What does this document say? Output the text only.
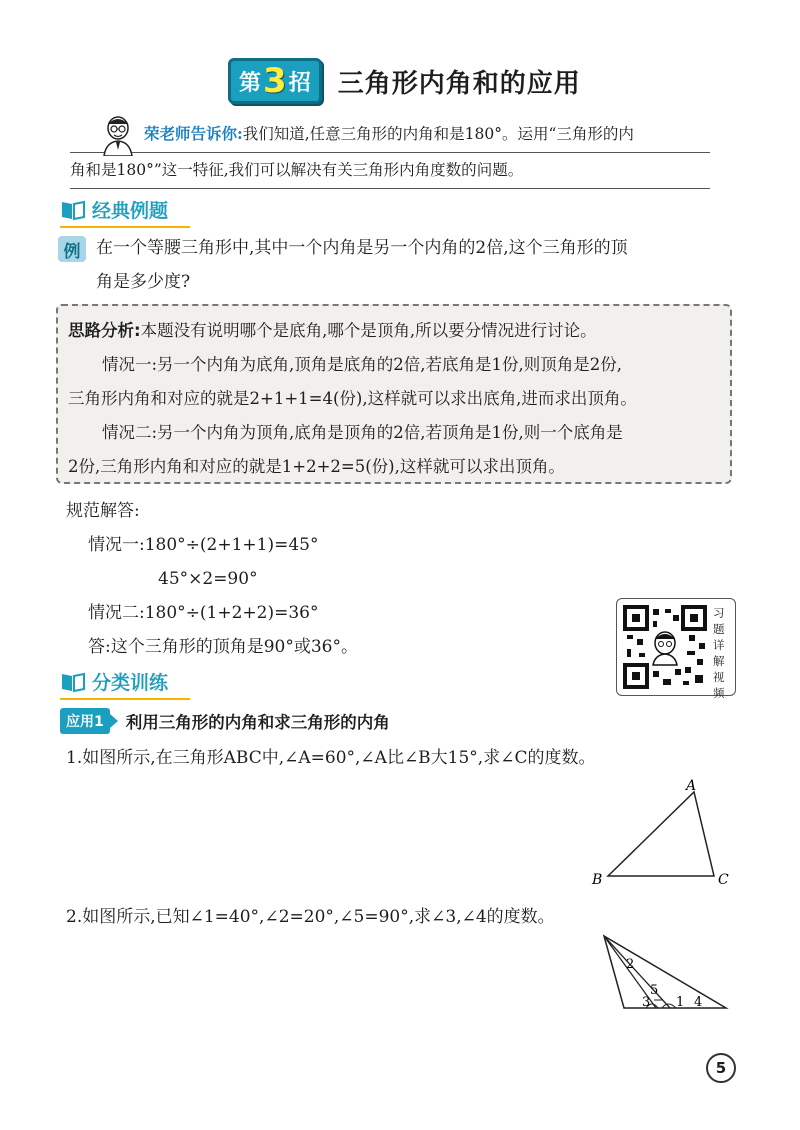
第 3 招 三角形内角和的应用
荣老师告诉你:我们知道,任意三角形的内角和是180°。运用“三角形的内
角和是180°”这一特征,我们可以解决有关三角形内角度数的问题。
经典例题
例 在一个等腰三角形中,其中一个内角是另一个内角的2倍,这个三角形的顶
角是多少度?
思路分析:本题没有说明哪个是底角,哪个是顶角,所以要分情况进行讨论。
情况一:另一个内角为底角,顶角是底角的2倍,若底角是1份,则顶角是2份,
三角形内角和对应的就是2+1+1=4(份),这样就可以求出底角,进而求出顶角。
情况二:另一个内角为顶角,底角是顶角的2倍,若顶角是1份,则一个底角是
2份,三角形内角和对应的就是1+2+2=5(份),这样就可以求出顶角。
规范解答:
情况一:180°÷(2+1+1)=45°
45°×2=90°
情况二:180°÷(1+2+2)=36°
答:这个三角形的顶角是90°或36°。
习
题
详
解
视
频
分类训练
应用1	利用三角形的内角和求三角形的内角
1.如图所示,在三角形ABC中,∠A=60°,∠A比∠B大15°,求∠C的度数。
A
B	C
2.如图所示,已知∠1=40°,∠2=20°,∠5=90°,求∠3,∠4的度数。
2
5
3 1 4
5
